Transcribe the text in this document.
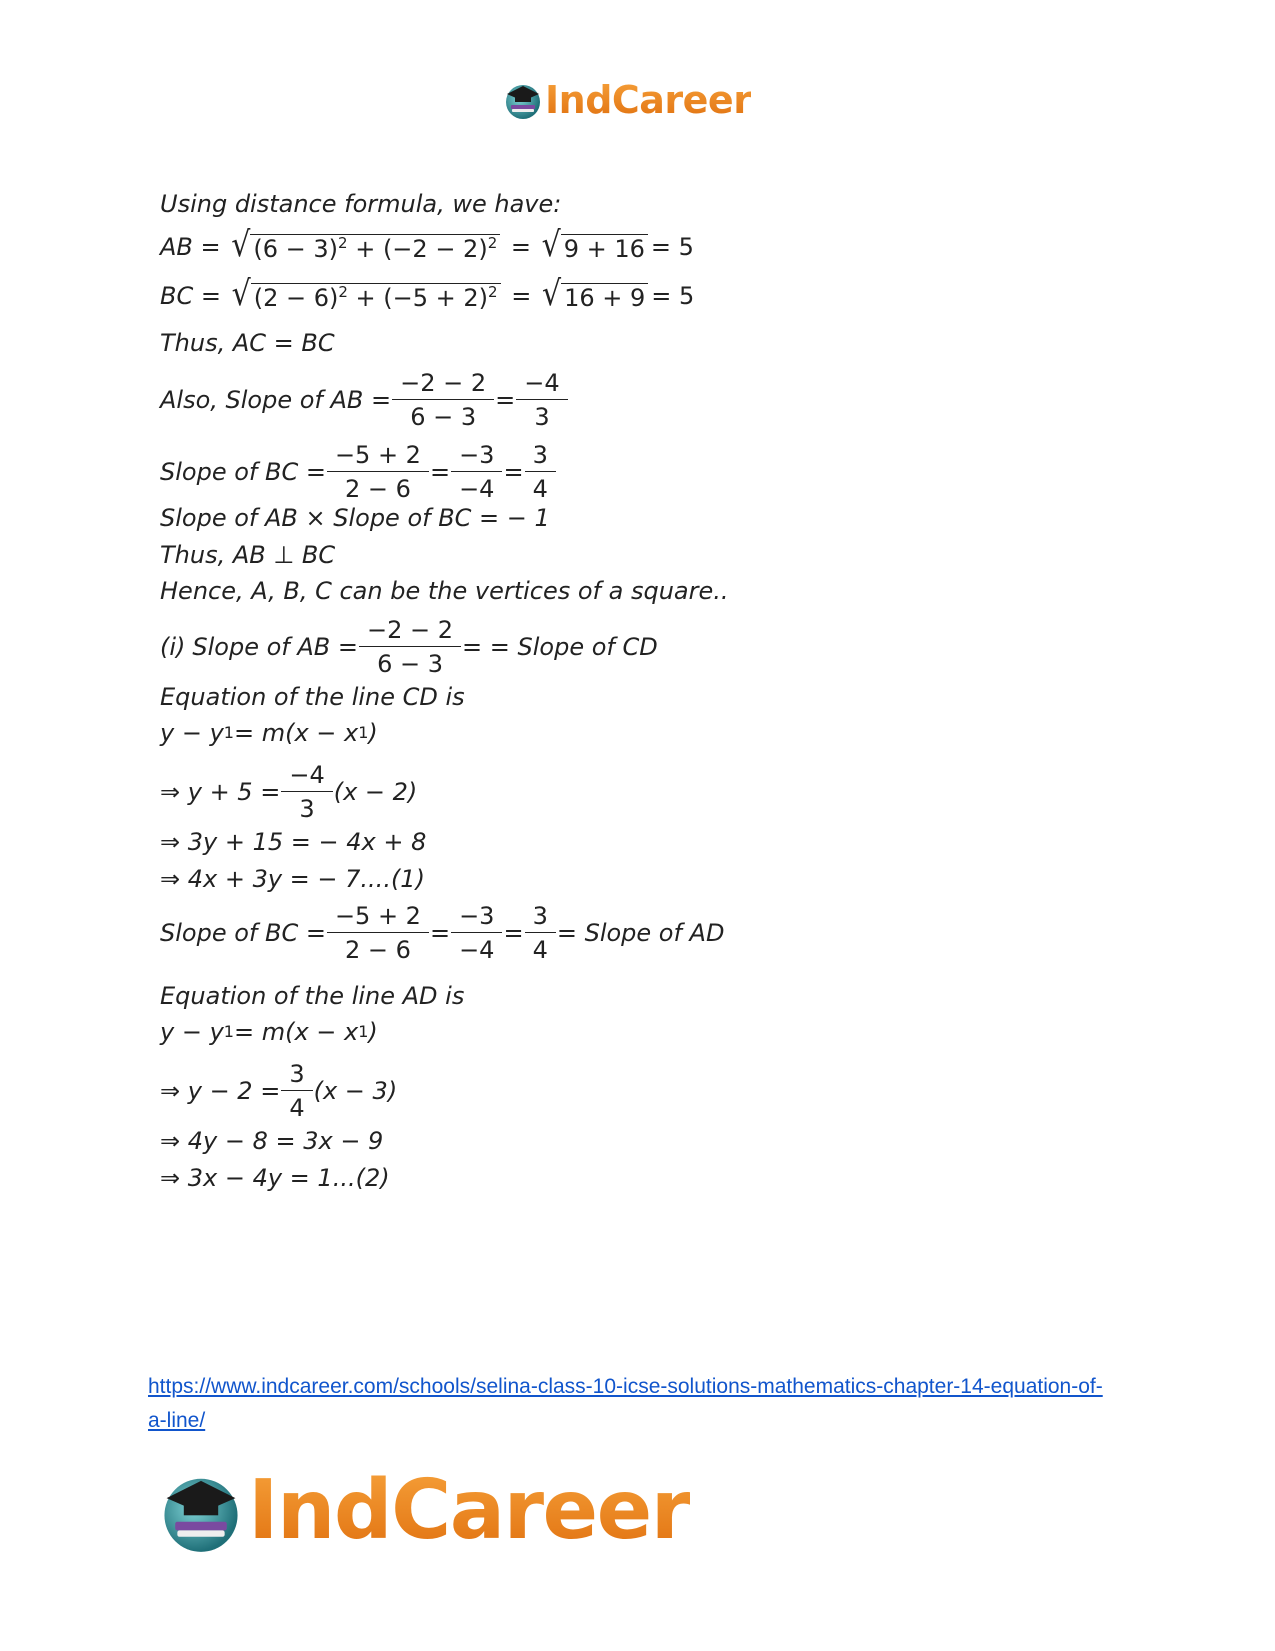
IndCareer
Using distance formula, we have:
AB = √ $(6 - 3)^2 + (-2 - 2)^2$ = √ 9 + 16 = 5
BC = √ $(2 - 6)^2 + (-5 + 2)^2$ = √ 16 + 9 = 5
Thus, AC = BC
Also, Slope of AB = $\frac{-2 - 2}{6 - 3} = \frac{-4}{3}$
Slope of BC = $\frac{-5 + 2}{2 - 6} = \frac{-3}{-4} = \frac{3}{4}$
Slope of AB × Slope of BC = − 1
Thus, AB ⊥ BC
Hence, A, B, C can be the vertices of a square..
(i) Slope of AB = $\frac{-2 - 2}{6 - 3}$ = = Slope of CD
Equation of the line CD is
y − y 1 = m(x − x 1 )
⇒ $y + 5 = \frac{-4}{3} (x - 2)$
⇒ 3y + 15 = − 4x + 8
⇒ 4x + 3y = − 7....(1)
Slope of BC = $\frac{-5 + 2}{2 - 6} = \frac{-3}{-4} = \frac{3}{4}$ = Slope of AD
Equation of the line AD is
y − y 1 = m(x − x 1 )
⇒ $y - 2 = \frac{3}{4} (x - 3)$
⇒ 4y − 8 = 3x − 9
⇒ 3x − 4y = 1...(2)
https://www.indcareer.com/schools/selina-class-10-icse-solutions-mathematics-chapter-14-equation-of-a-line/
IndCareer
